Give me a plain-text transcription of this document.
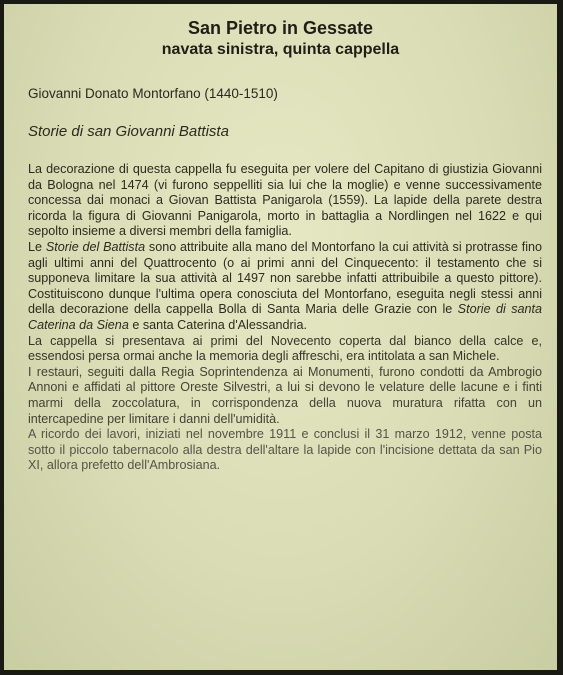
San Pietro in Gessate
navata sinistra, quinta cappella
Giovanni Donato Montorfano (1440-1510)
Storie di san Giovanni Battista

La decorazione di questa cappella fu eseguita per volere del Capitano di giustizia Giovanni da Bologna nel 1474 (vi furono seppelliti sia lui che la moglie) e venne successivamente concessa dai monaci a Giovan Battista Panigarola (1559). La lapide della parete destra ricorda la figura di Giovanni Panigarola, morto in battaglia a Nordlingen nel 1622 e qui sepolto insieme a diversi membri della famiglia.

Le Storie del Battista sono attribuite alla mano del Montorfano la cui attività si protrasse fino agli ultimi anni del Quattrocento (o ai primi anni del Cinquecento: il testamento che si supponeva limitare la sua attività al 1497 non sarebbe infatti attribuibile a questo pittore). Costituiscono dunque l'ultima opera conosciuta del Montorfano, eseguita negli stessi anni della decorazione della cappella Bolla di Santa Maria delle Grazie con le Storie di santa Caterina da Siena e santa Caterina d'Alessandria.

La cappella si presentava ai primi del Novecento coperta dal bianco della calce e, essendosi persa ormai anche la memoria degli affreschi, era intitolata a san Michele.

I restauri, seguiti dalla Regia Soprintendenza ai Monumenti, furono condotti da Ambrogio Annoni e affidati al pittore Oreste Silvestri, a lui si devono le velature delle lacune e i finti marmi della zoccolatura, in corrispondenza della nuova muratura rifatta con un intercapedine per limitare i danni dell'umidità.

A ricordo dei lavori, iniziati nel novembre 1911 e conclusi il 31 marzo 1912, venne posta sotto il piccolo tabernacolo alla destra dell'altare la lapide con l'incisione dettata da san Pio XI, allora prefetto dell'Ambrosiana.
